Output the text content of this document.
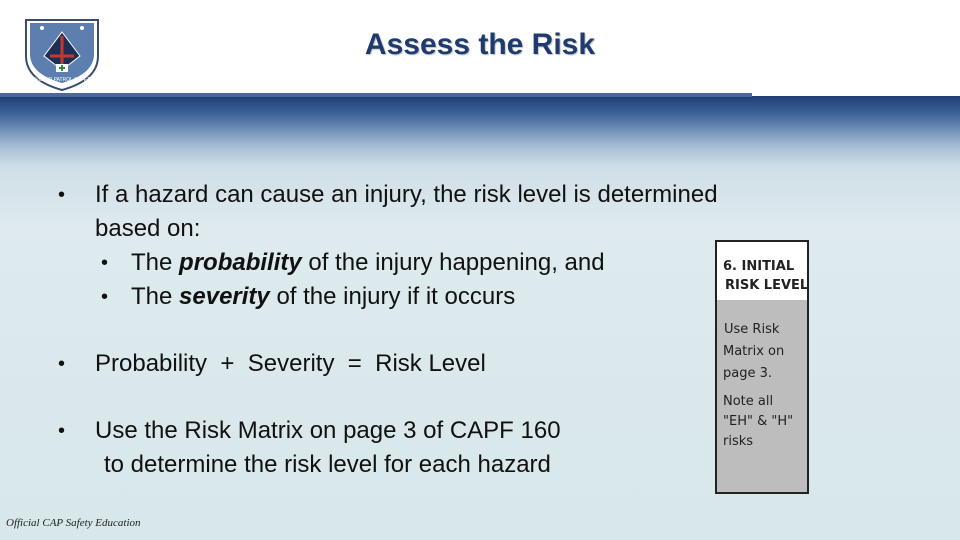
CIVIL AIR PATROL SAFETY
Assess the Risk
• If a hazard can cause an injury, the risk level is determined
based on:
• The probability of the injury happening, and
• The severity of the injury if it occurs
• Probability  +  Severity  =  Risk Level
• Use the Risk Matrix on page 3 of CAPF 160
to determine the risk level for each hazard
6. INITIAL
RISK LEVEL
Use Risk
Matrix on
page 3.
Note all
"EH" & "H"
risks
Official CAP Safety Education
